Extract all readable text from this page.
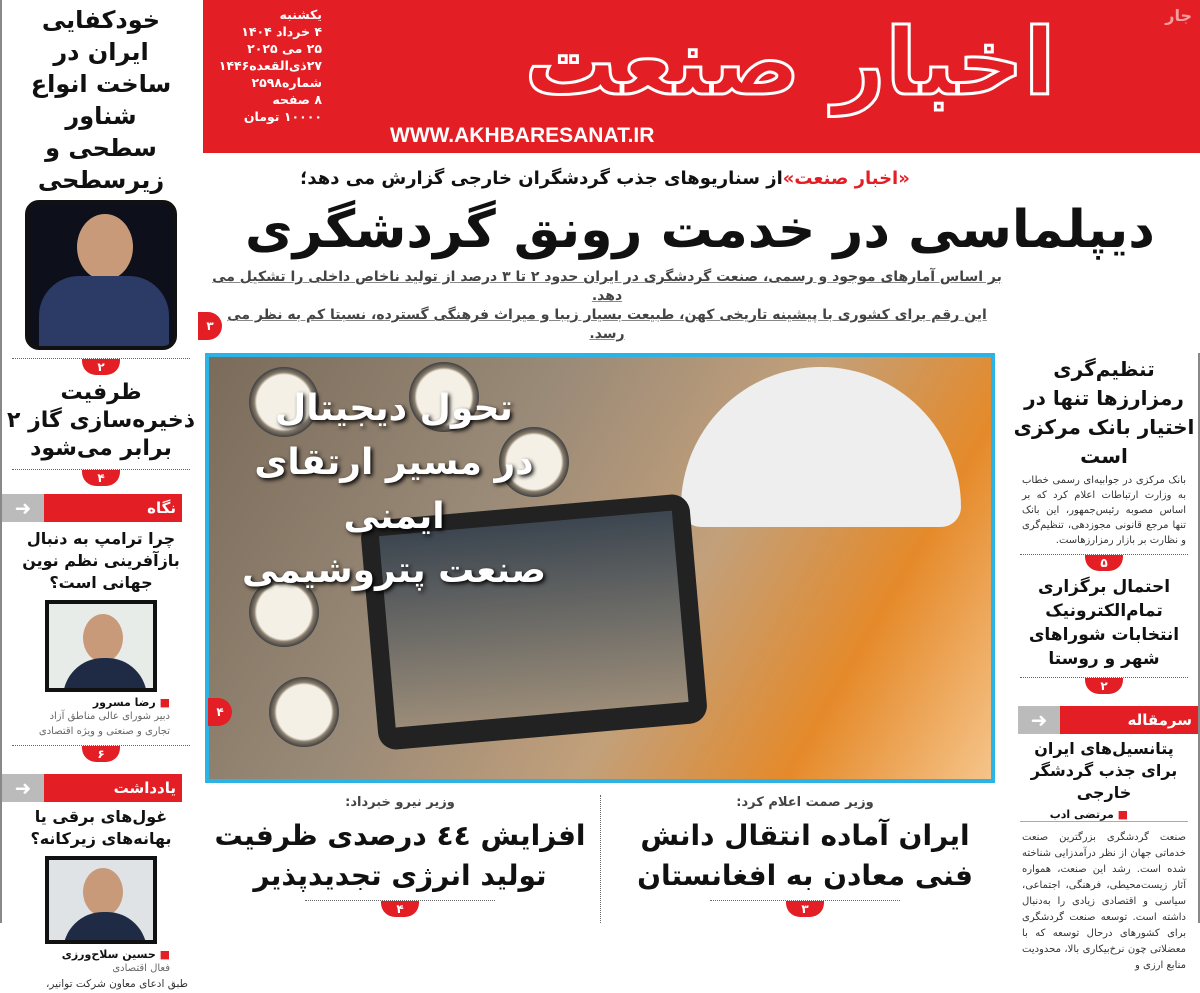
اخبار صنعت	جار
WWW.AKHBARESANAT.IR
یکشنبه
۴ خرداد ۱۴۰۴
۲۵ می ۲۰۲۵
۲۷ذی‌القعده۱۴۴۶
شماره۲۵۹۸
۸ صفحه
۱۰۰۰۰ تومان
«اخبار صنعت»از سناریوهای جذب گردشگران خارجی گزارش می دهد؛
دیپلماسی در خدمت رونق گردشگری
بر اساس آمارهای موجود و رسمی، صنعت گردشگری در ایران حدود ۲ تا ۳ درصد از تولید ناخاص داخلی را تشکیل می دهد.
این رقم برای کشوری با پیشینه تاریخی کهن، طبیعت بسیار زیبا و میراث فرهنگی گسترده، نسبتا کم به نظر می رسد.
۳
تحول دیجیتال
در مسیر ارتقای ایمنی
صنعت پتروشیمی
۴
خودکفایی ایران در ساخت انواع شناور سطحی و زیرسطحی
۲
ظرفیت ذخیره‌سازی گاز ۲ برابر می‌شود
۴
➜	نگاه
چرا ترامپ به دنبال بازآفرینی نظم نوین جهانی است؟
■ رضا مسرور
دبیر شورای عالی مناطق آزاد
تجاری و صنعتی و ویژه اقتصادی
۶
➜	یادداشت
غول‌های برقی یا بهانه‌های زیرکانه؟
■ حسین سلاح‌ورزی
فعال اقتصادی
طبق ادعای معاون شرکت توانیر،
تنظیم‌گری رمزارزها تنها در اختیار بانک مرکزی است
بانک مرکزی در جوابیه‌ای رسمی خطاب به وزارت ارتباطات اعلام کرد که بر اساس مصوبه رئیس‌جمهور، این بانک تنها مرجع قانونی مجوزدهی، تنظیم‌گری و نظارت بر بازار رمزارزهاست.
۵
احتمال برگزاری تمام‌الکترونیک انتخابات شوراهای شهر و روستا
۲
➜	سرمقاله
پتانسیل‌های ایران برای جذب گردشگر خارجی
■ مرتضی ادب
صنعت گردشگری بزرگترین صنعت خدماتی جهان از نظر درآمدزایی شناخته شده است. رشد این صنعت، همواره آثار زیست‌محیطی، فرهنگی، اجتماعی، سیاسی و اقتصادی زیادی را به‌دنبال داشته است. توسعه صنعت گردشگری برای کشورهای درحال توسعه که با معضلاتی چون نرخ‌بیکاری بالا، محدودیت منابع ارزی و
وزیر صمت اعلام کرد:
ایران آماده انتقال دانش فنی معادن به افغانستان
۳
وزیر نیرو خبرداد:
افزایش ٤٤ درصدی ظرفیت تولید انرژی تجدیدپذیر
۴
